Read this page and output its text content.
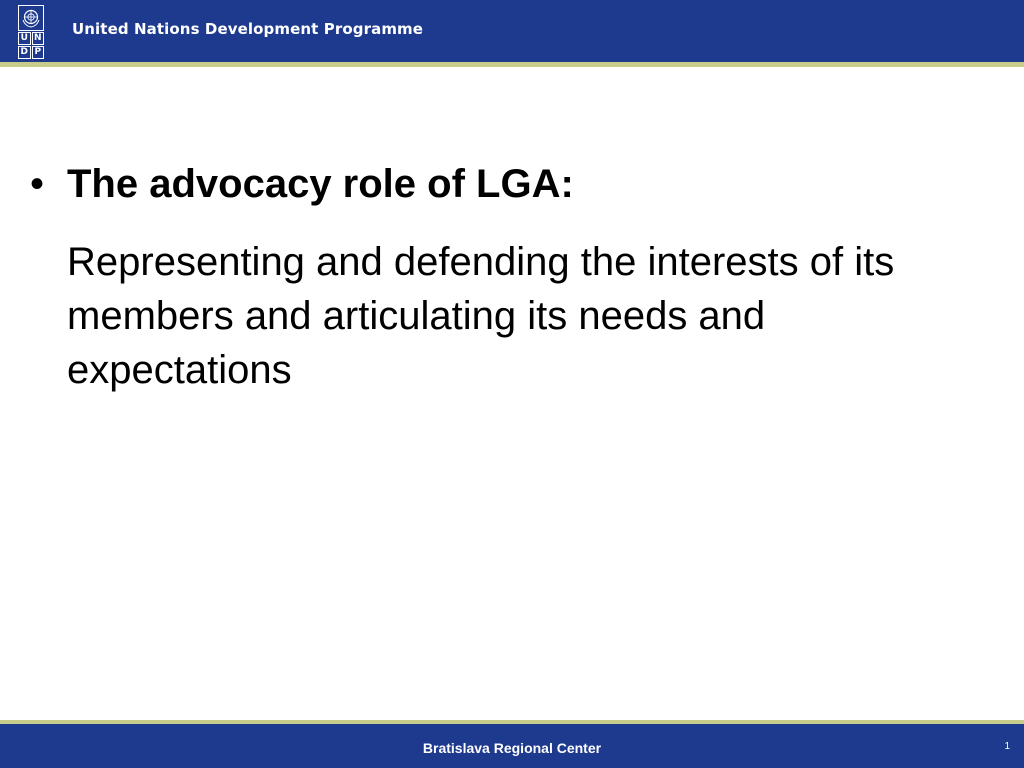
U N
D P
United Nations Development Programme
• The advocacy role of LGA:
Representing and defending the interests of its members and articulating its needs and expectations
Bratislava Regional Center	1
